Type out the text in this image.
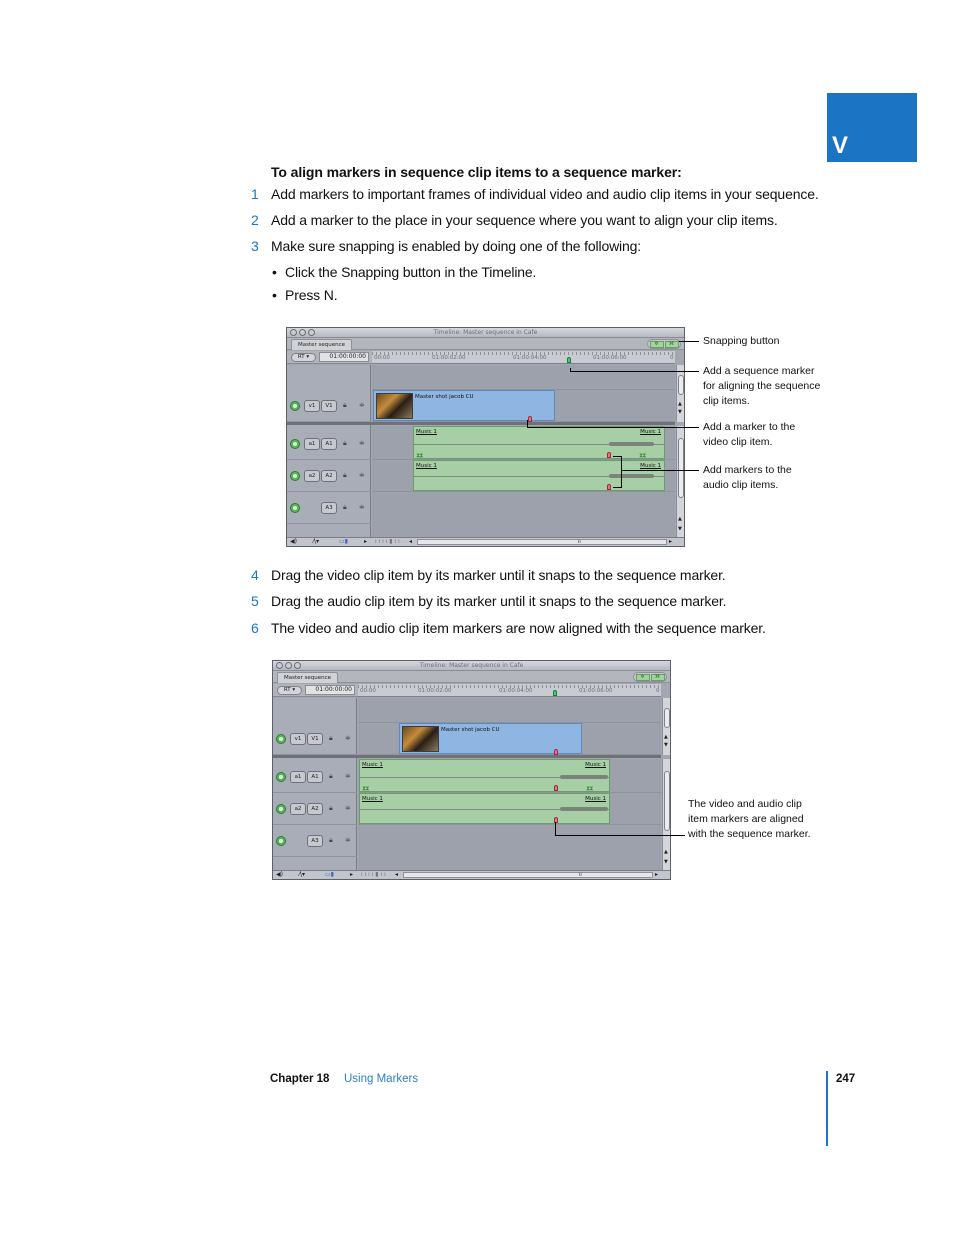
V
To align markers in sequence clip items to a sequence marker:
1 Add markers to important frames of individual video and audio clip items in your sequence.
2 Add a marker to the place in your sequence where you want to align your clip items.
3 Make sure snapping is enabled by doing one of the following:
• Click the Snapping button in the Timeline.
• Press N.
Timeline: Master sequence in Cafe
Master sequence	✲	⌘
RT ▾	01:00:00:00	00:00	01:00:02:00	01:00:04:00	01:00:06:00	0
v1	V1	🔒︎ ≑
a1	A1	🔒︎ ≑
a2	A2	🔒︎ ≑
A3	🔒︎ ≑
Master shot jacob CU
Music 1	Music 1
⧗⧗	⧗⧗
Music 1	Music 1
▲
▼
▲
▼
◀)	⁄\▾	▭▮	▸ ı ı ı ı ▮ ı ı ◂	ıı	▸
Snapping button
Add a sequence marker for aligning the sequence clip items.
Add a marker to the video clip item.
Add markers to the audio clip items.
4 Drag the video clip item by its marker until it snaps to the sequence marker.
5 Drag the audio clip item by its marker until it snaps to the sequence marker.
6 The video and audio clip item markers are now aligned with the sequence marker.
Timeline: Master sequence in Cafe
Master sequence	✲	⌘
RT ▾	01:00:00:00	00:00	01:00:02:00	01:00:04:00	01:00:06:00	0
v1	V1	🔒︎ ≑
a1	A1	🔒︎ ≑
a2	A2	🔒︎ ≑
A3	🔒︎ ≑
Master shot jacob CU
Music 1	Music 1
⧗⧗	⧗⧗
Music 1	Music 1
▲
▼
▲
▼
◀)	⁄\▾	▭▮	▸ ı ı ı ı ▮ ı ı ◂	ıı	▸
The video and audio clip item markers are aligned with the sequence marker.
Chapter 18 Using Markers	247
